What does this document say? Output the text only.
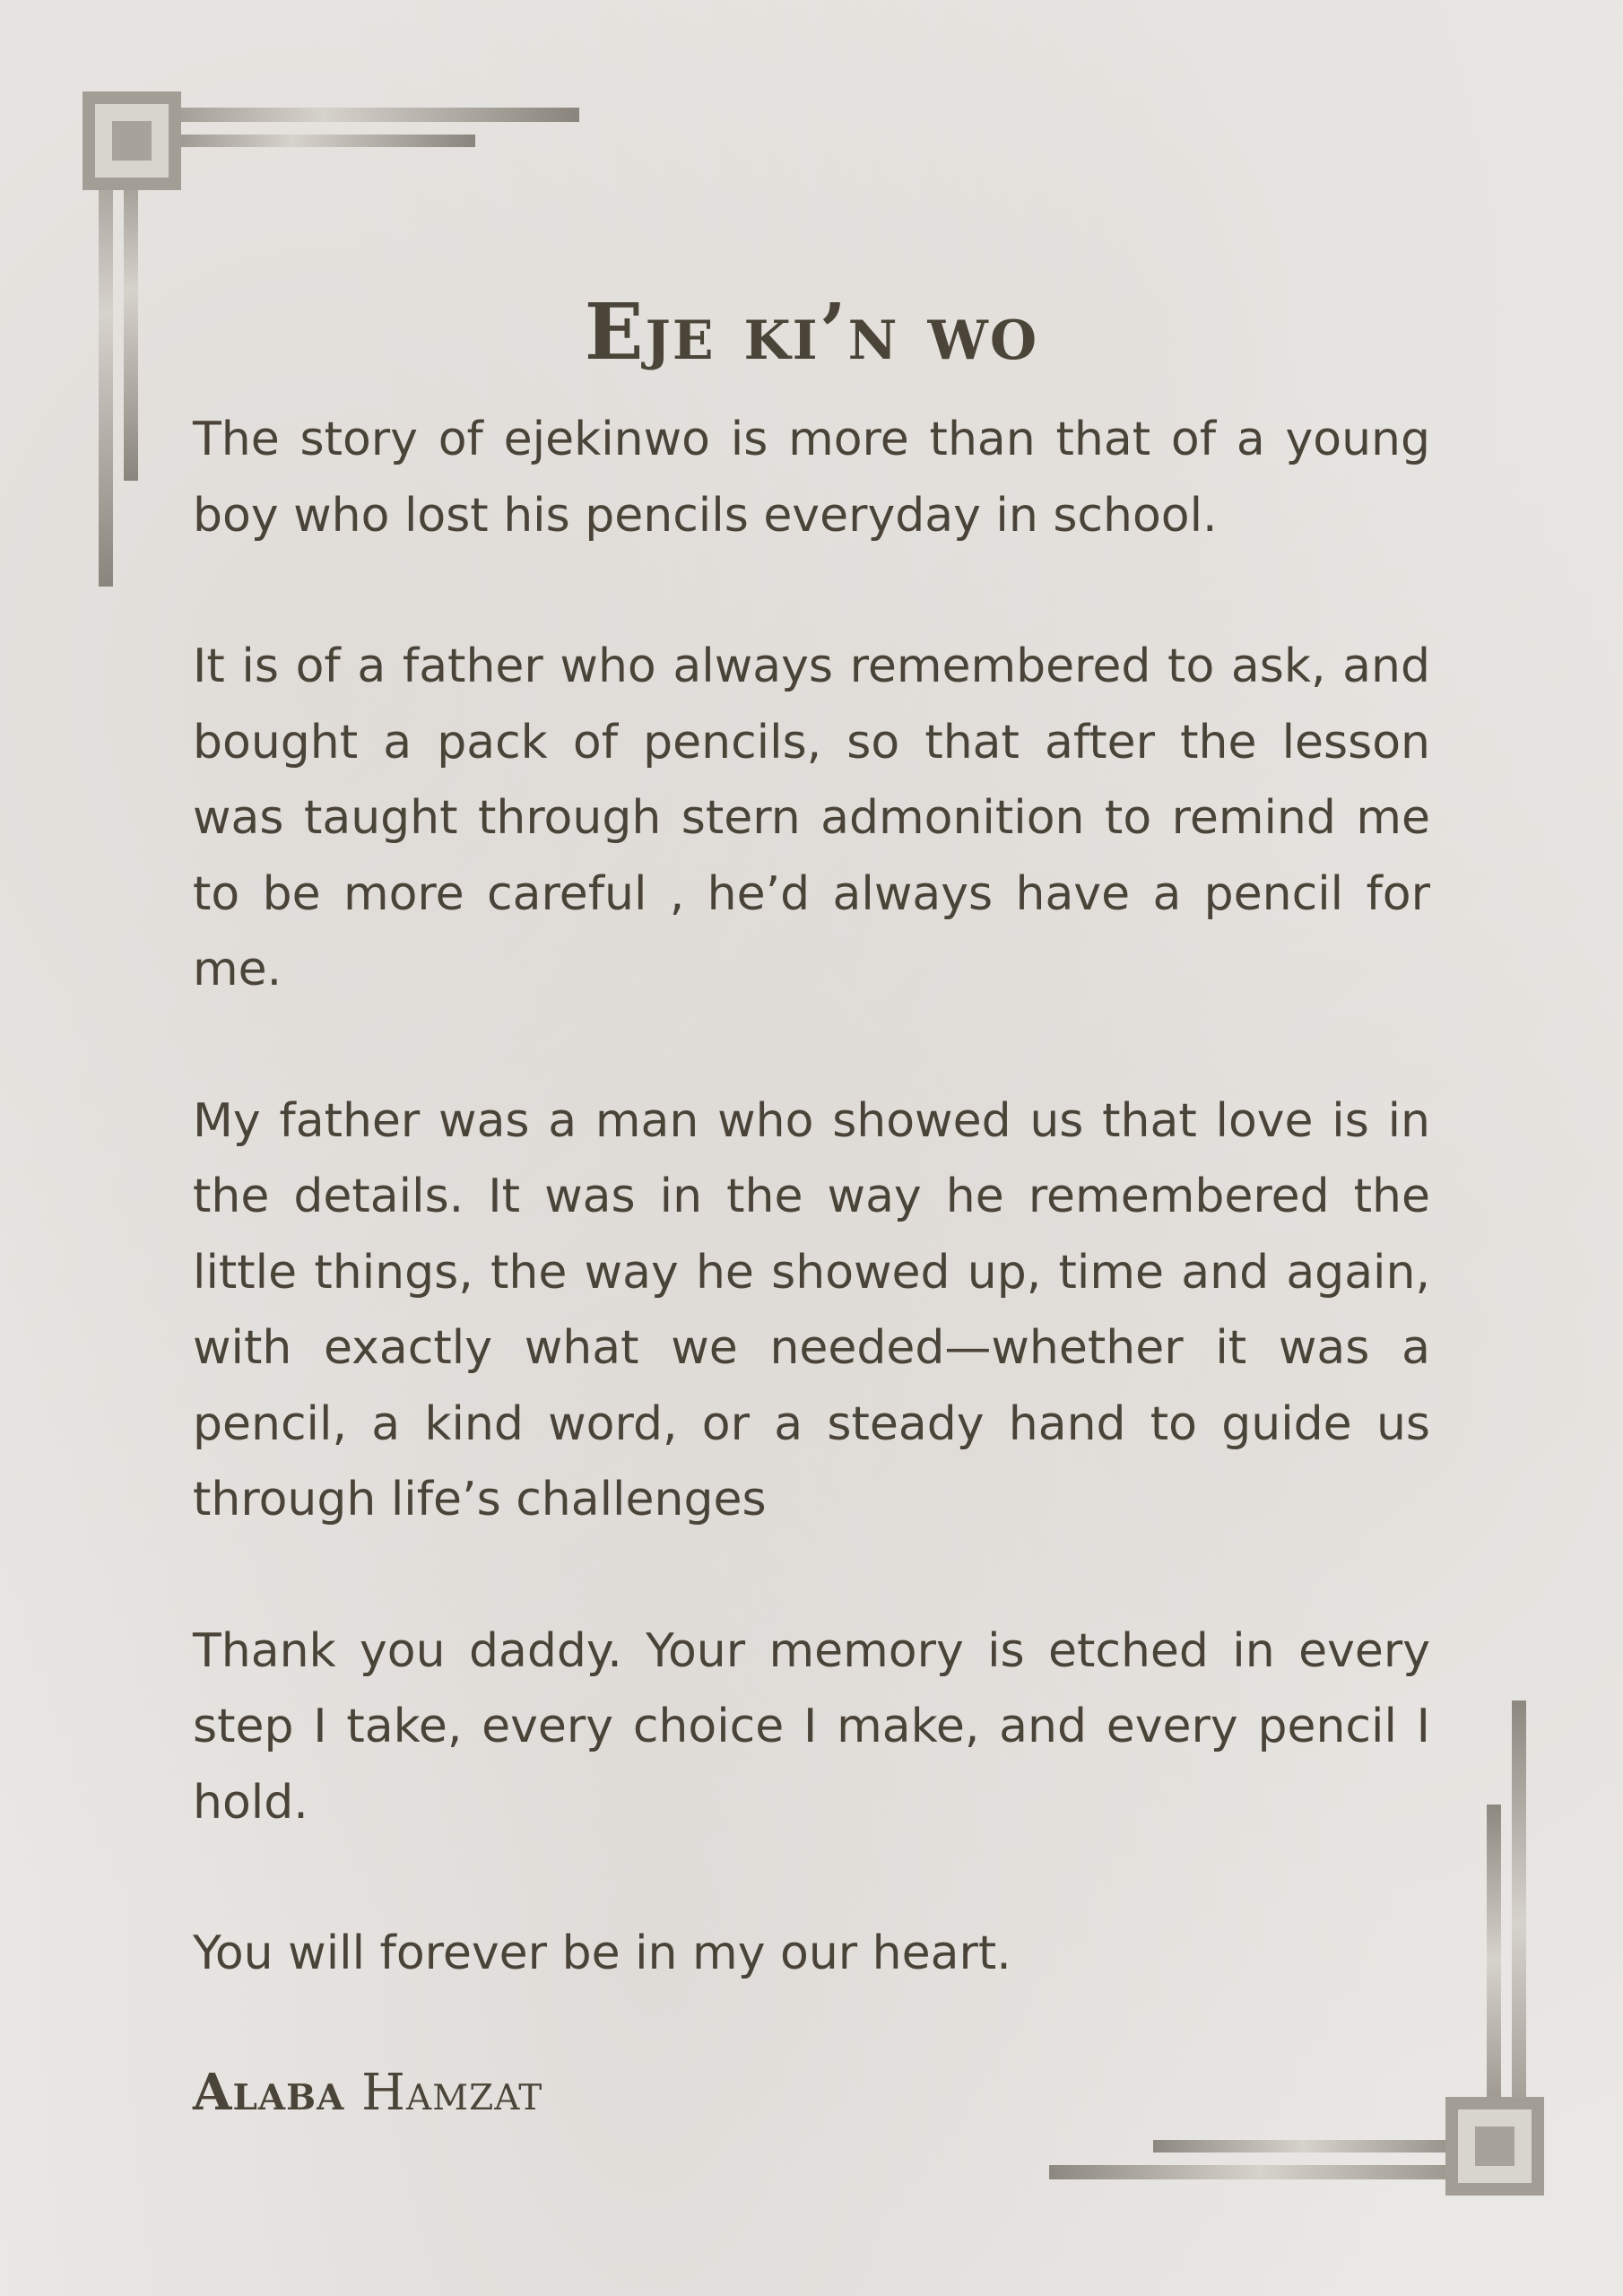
Eje ki’n wo

The story of ejekinwo is more than that of a young boy who lost his pencils everyday in school.

It is of a father who always remembered to ask, and bought a pack of pencils, so that after the lesson was taught through stern admonition to remind me to be more careful , he’d always have a pencil for me.

My father was a man who showed us that love is in the details. It was in the way he remembered the little things, the way he showed up, time and again, with exactly what we needed—whether it was a pencil, a kind word, or a steady hand to guide us through life’s challenges

Thank you daddy. Your memory is etched in every step I take, every choice I make, and every pencil I hold.

You will forever be in my our heart.

Alaba Hamzat
